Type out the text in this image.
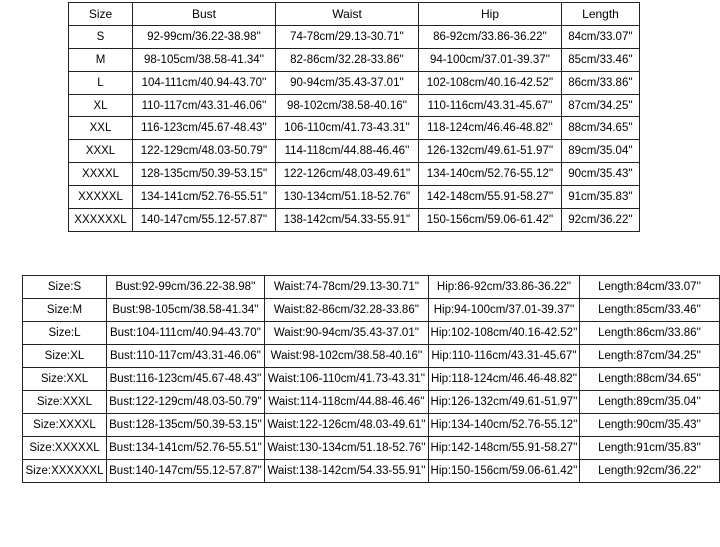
Size	Bust	Waist	Hip	Length
S	92-99cm/36.22-38.98''	74-78cm/29.13-30.71''	86-92cm/33.86-36.22''	84cm/33.07''
M	98-105cm/38.58-41.34''	82-86cm/32.28-33.86''	94-100cm/37.01-39.37''	85cm/33.46''
L	104-111cm/40.94-43.70''	90-94cm/35.43-37.01''	102-108cm/40.16-42.52''	86cm/33.86''
XL	110-117cm/43.31-46.06''	98-102cm/38.58-40.16''	110-116cm/43.31-45.67''	87cm/34.25''
XXL	116-123cm/45.67-48.43''	106-110cm/41.73-43.31''	118-124cm/46.46-48.82''	88cm/34.65''
XXXL	122-129cm/48.03-50.79''	114-118cm/44.88-46.46''	126-132cm/49.61-51.97''	89cm/35.04''
XXXXL	128-135cm/50.39-53.15''	122-126cm/48.03-49.61''	134-140cm/52.76-55.12''	90cm/35.43''
XXXXXL	134-141cm/52.76-55.51''	130-134cm/51.18-52.76''	142-148cm/55.91-58.27''	91cm/35.83''
XXXXXXL	140-147cm/55.12-57.87''	138-142cm/54.33-55.91''	150-156cm/59.06-61.42''	92cm/36.22''
Size:S	Bust:92-99cm/36.22-38.98''	Waist:74-78cm/29.13-30.71''	Hip:86-92cm/33.86-36.22''	Length:84cm/33.07''
Size:M	Bust:98-105cm/38.58-41.34''	Waist:82-86cm/32.28-33.86''	Hip:94-100cm/37.01-39.37''	Length:85cm/33.46''
Size:L	Bust:104-111cm/40.94-43.70''	Waist:90-94cm/35.43-37.01''	Hip:102-108cm/40.16-42.52''	Length:86cm/33.86''
Size:XL	Bust:110-117cm/43.31-46.06''	Waist:98-102cm/38.58-40.16''	Hip:110-116cm/43.31-45.67''	Length:87cm/34.25''
Size:XXL	Bust:116-123cm/45.67-48.43''	Waist:106-110cm/41.73-43.31''	Hip:118-124cm/46.46-48.82''	Length:88cm/34.65''
Size:XXXL	Bust:122-129cm/48.03-50.79''	Waist:114-118cm/44.88-46.46''	Hip:126-132cm/49.61-51.97''	Length:89cm/35.04''
Size:XXXXL	Bust:128-135cm/50.39-53.15''	Waist:122-126cm/48.03-49.61''	Hip:134-140cm/52.76-55.12''	Length:90cm/35.43''
Size:XXXXXL	Bust:134-141cm/52.76-55.51''	Waist:130-134cm/51.18-52.76''	Hip:142-148cm/55.91-58.27''	Length:91cm/35.83''
Size:XXXXXXL	Bust:140-147cm/55.12-57.87''	Waist:138-142cm/54.33-55.91''	Hip:150-156cm/59.06-61.42''	Length:92cm/36.22''
